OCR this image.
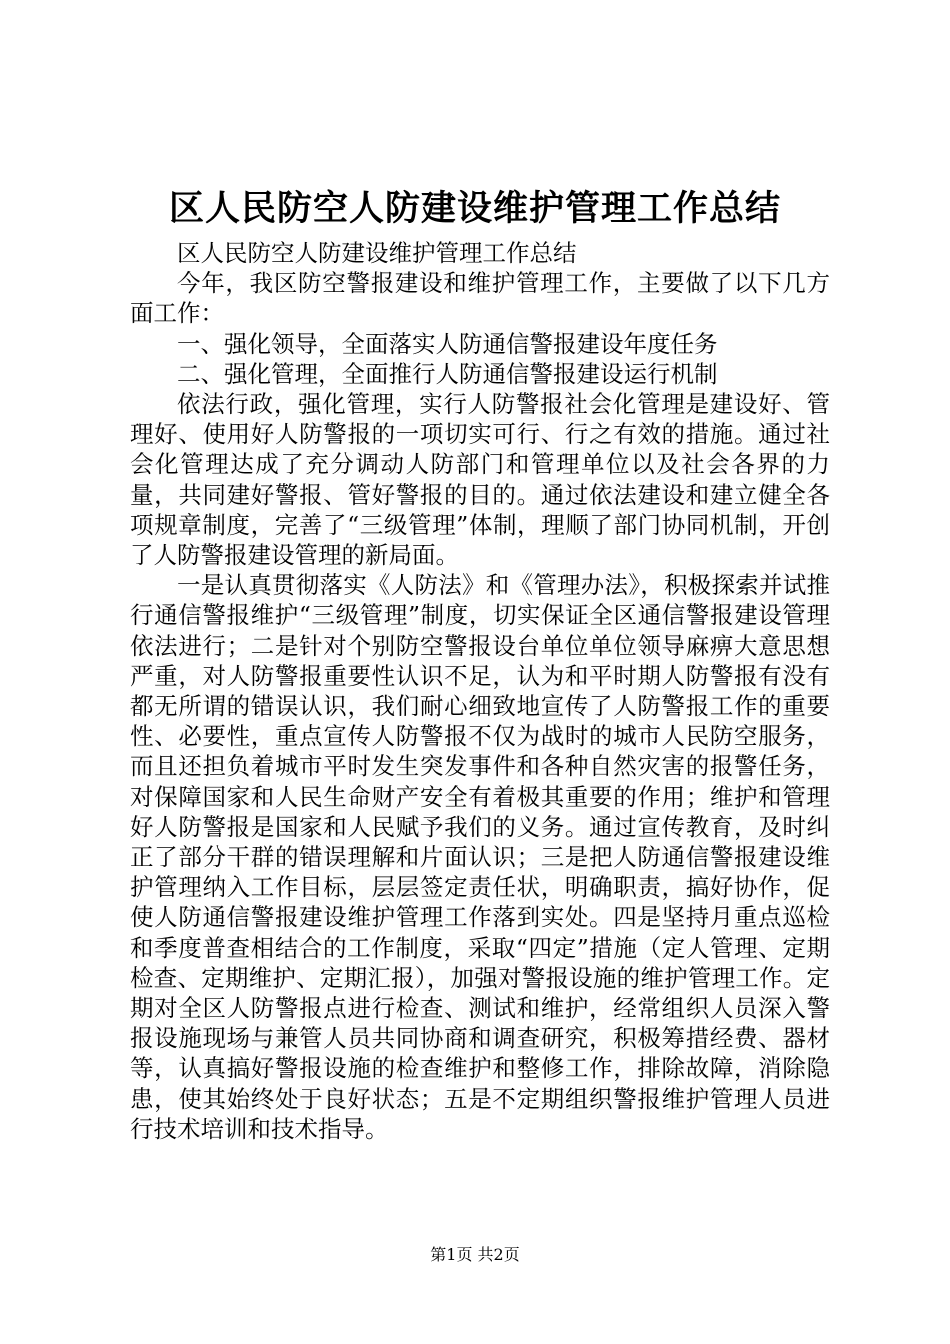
区人民防空人防建设维护管理工作总结

区人民防空人防建设维护管理工作总结

今年，我区防空警报建设和维护管理工作，主要做了以下几方面工作：

一、强化领导，全面落实人防通信警报建设年度任务

二、强化管理，全面推行人防通信警报建设运行机制

依法行政，强化管理，实行人防警报社会化管理是建设好、管理好、使用好人防警报的一项切实可行、行之有效的措施。通过社会化管理达成了充分调动人防部门和管理单位以及社会各界的力量，共同建好警报、管好警报的目的。通过依法建设和建立健全各项规章制度，完善了“三级管理”体制，理顺了部门协同机制，开创了人防警报建设管理的新局面。

一是认真贯彻落实《人防法》和《管理办法》，积极探索并试推行通信警报维护“三级管理”制度，切实保证全区通信警报建设管理依法进行；二是针对个别防空警报设台单位单位领导麻痹大意思想严重，对人防警报重要性认识不足，认为和平时期人防警报有没有都无所谓的错误认识，我们耐心细致地宣传了人防警报工作的重要性、必要性，重点宣传人防警报不仅为战时的城市人民防空服务，而且还担负着城市平时发生突发事件和各种自然灾害的报警任务，对保障国家和人民生命财产安全有着极其重要的作用；维护和管理好人防警报是国家和人民赋予我们的义务。通过宣传教育，及时纠正了部分干群的错误理解和片面认识；三是把人防通信警报建设维护管理纳入工作目标，层层签定责任状，明确职责，搞好协作，促使人防通信警报建设维护管理工作落到实处。四是坚持月重点巡检和季度普查相结合的工作制度，采取“四定”措施（定人管理、定期检查、定期维护、定期汇报），加强对警报设施的维护管理工作。定期对全区人防警报点进行检查、测试和维护，经常组织人员深入警报设施现场与兼管人员共同协商和调查研究，积极筹措经费、器材等，认真搞好警报设施的检查维护和整修工作，排除故障，消除隐患，使其始终处于良好状态；五是不定期组织警报维护管理人员进行技术培训和技术指导。

第1页 共2页
